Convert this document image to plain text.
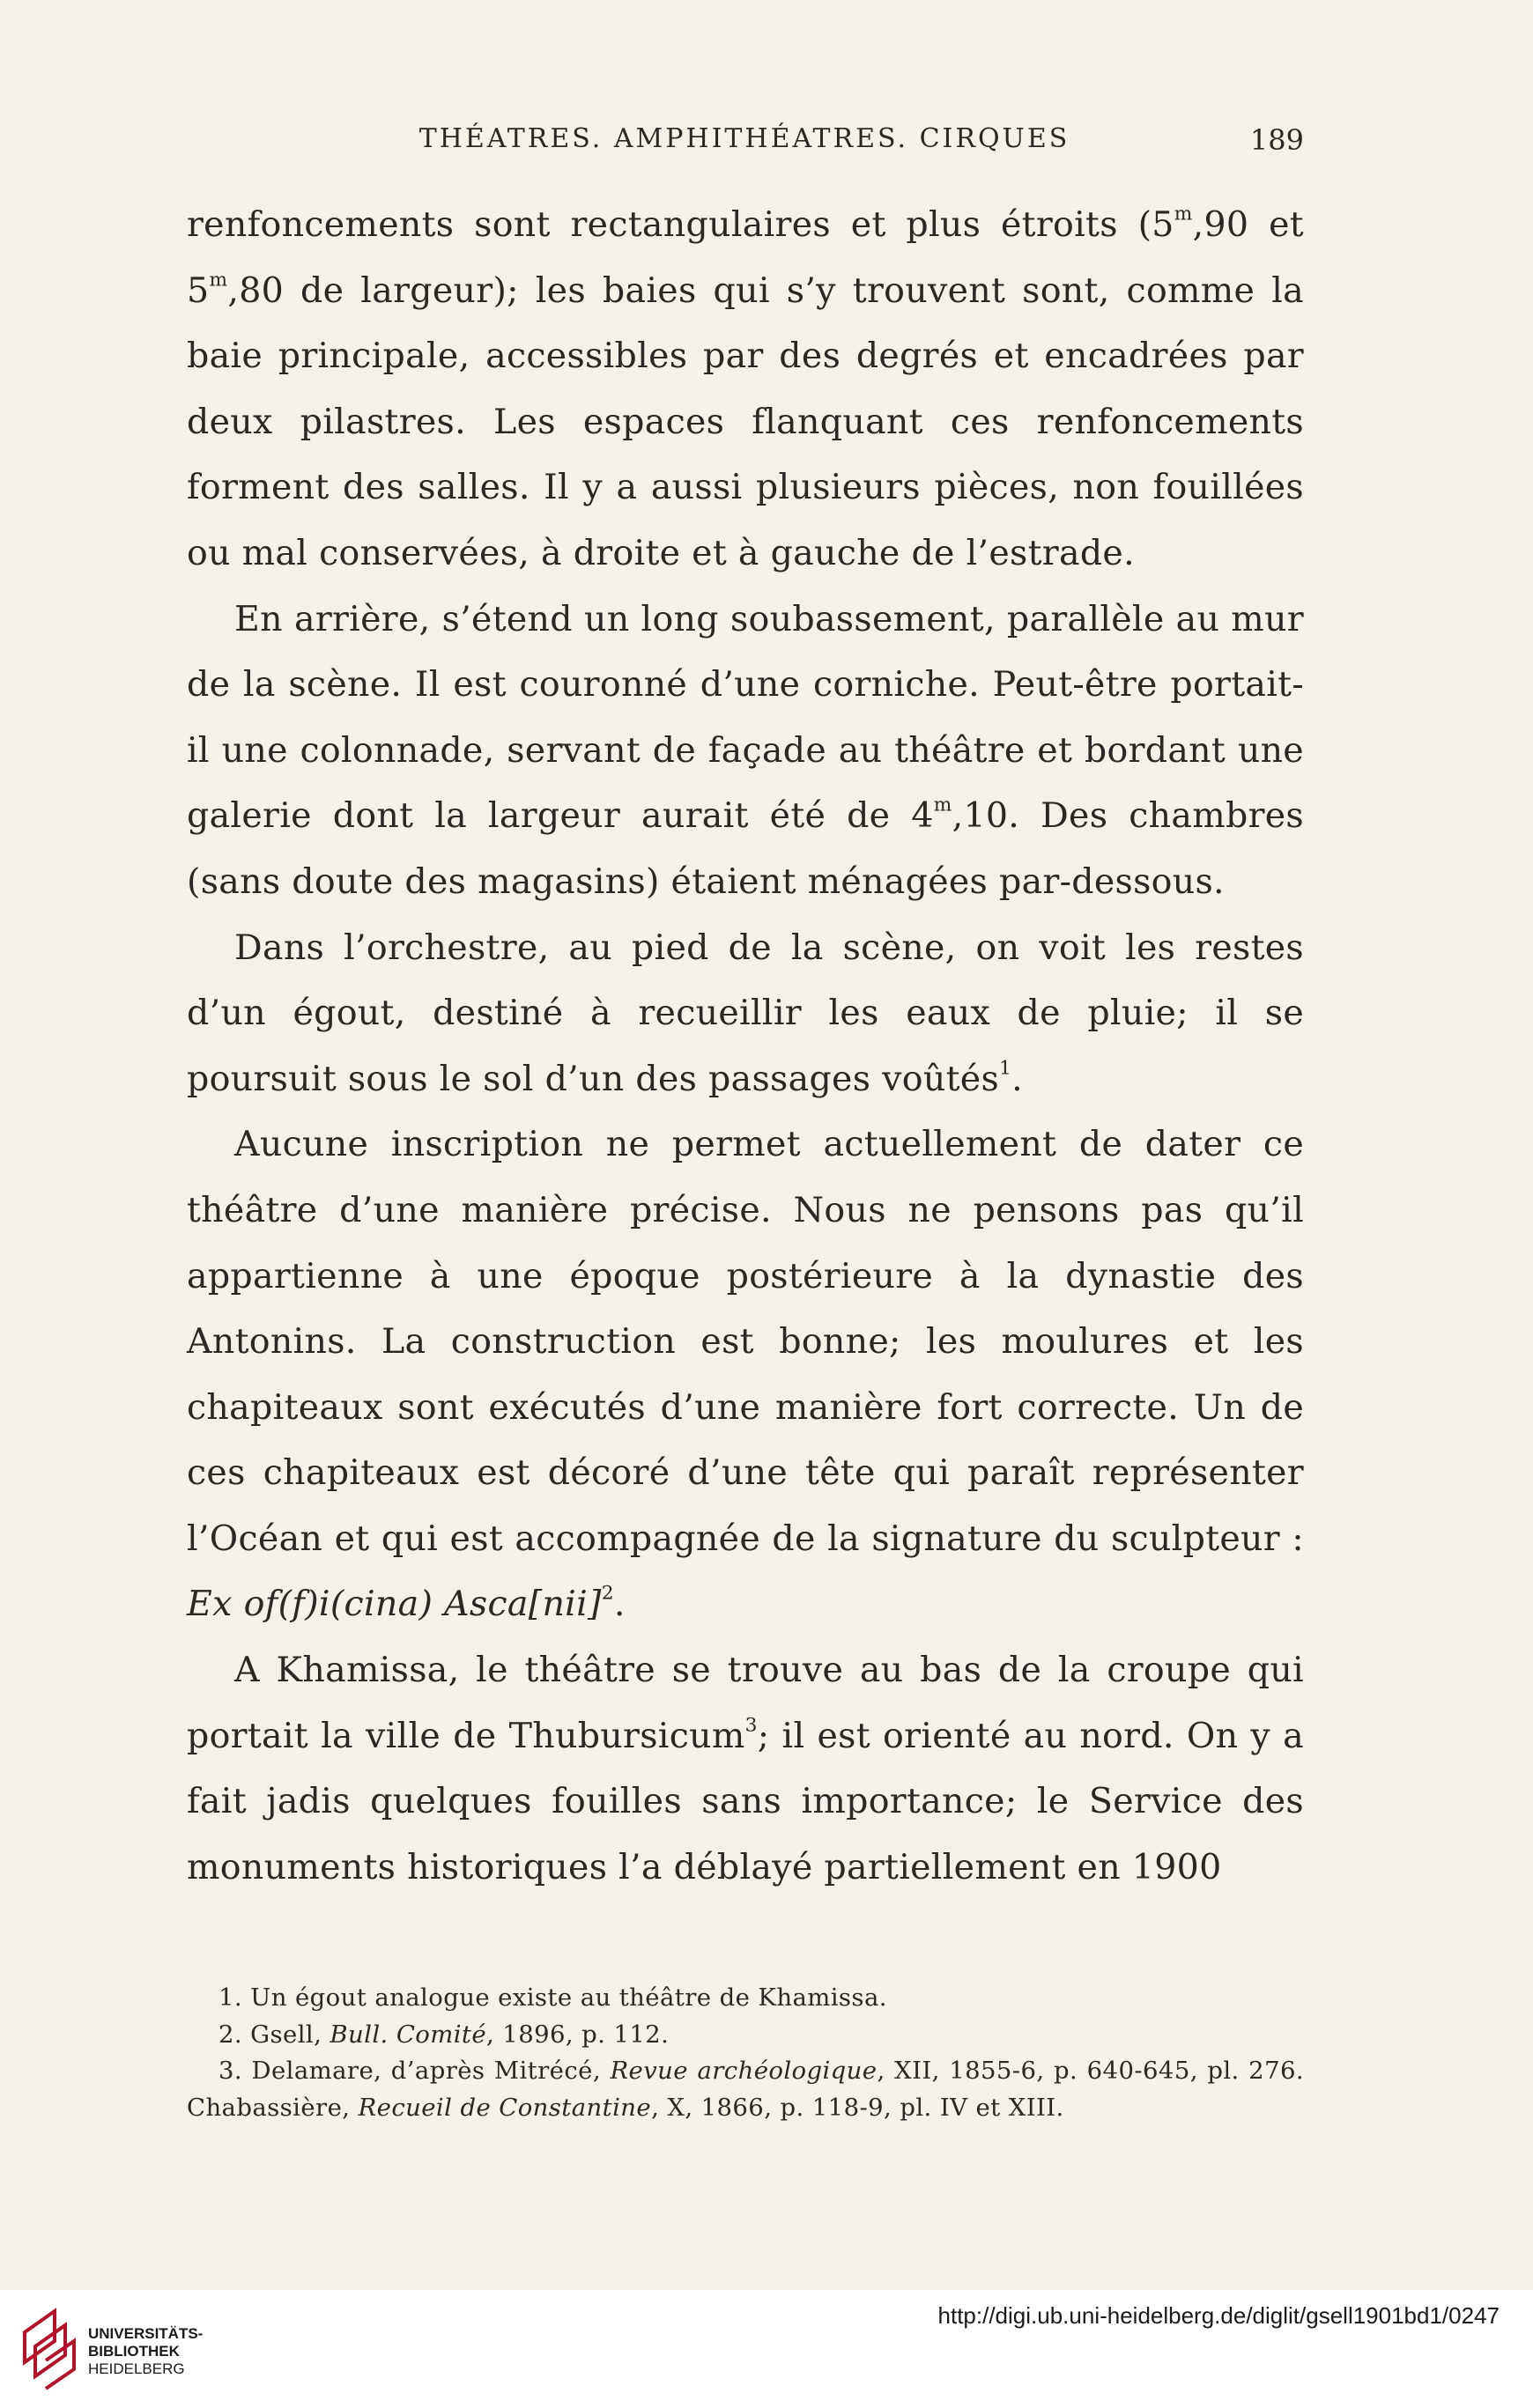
THÉATRES. AMPHITHÉATRES. CIRQUES	189

renfoncements sont rectangulaires et plus étroits (5$^m$,90 et 5$^m$,80 de largeur); les baies qui s’y trouvent sont, comme la baie principale, accessibles par des degrés et encadrées par deux pilastres. Les espaces flanquant ces renfoncements forment des salles. Il y a aussi plusieurs pièces, non fouillées ou mal conservées, à droite et à gauche de l’estrade.

En arrière, s’étend un long soubassement, parallèle au mur de la scène. Il est couronné d’une corniche. Peut-être portait-il une colonnade, servant de façade au théâtre et bordant une galerie dont la largeur aurait été de 4$^m$,10. Des chambres (sans doute des magasins) étaient ménagées par-dessous.

Dans l’orchestre, au pied de la scène, on voit les restes d’un égout, destiné à recueillir les eaux de pluie; il se poursuit sous le sol d’un des passages voûtés$^1$.

Aucune inscription ne permet actuellement de dater ce théâtre d’une manière précise. Nous ne pensons pas qu’il appartienne à une époque postérieure à la dynastie des Antonins. La construction est bonne; les moulures et les chapiteaux sont exécutés d’une manière fort correcte. Un de ces chapiteaux est décoré d’une tête qui paraît représenter l’Océan et qui est accompagnée de la signature du sculpteur : Ex of(f)i(cina) Asca[nii]$^2$.

A Khamissa, le théâtre se trouve au bas de la croupe qui portait la ville de Thubursicum$^3$; il est orienté au nord. On y a fait jadis quelques fouilles sans importance; le Service des monuments historiques l’a déblayé partiellement en 1900

1. Un égout analogue existe au théâtre de Khamissa.

2. Gsell, Bull. Comité, 1896, p. 112.

3. Delamare, d’après Mitrécé, Revue archéologique, XII, 1855-6, p. 640-645, pl. 276. Chabassière, Recueil de Constantine, X, 1866, p. 118-9, pl. IV et XIII.

UNIVERSITÄTS-
BIBLIOTHEK
HEIDELBERG
http://digi.ub.uni-heidelberg.de/diglit/gsell1901bd1/0247
